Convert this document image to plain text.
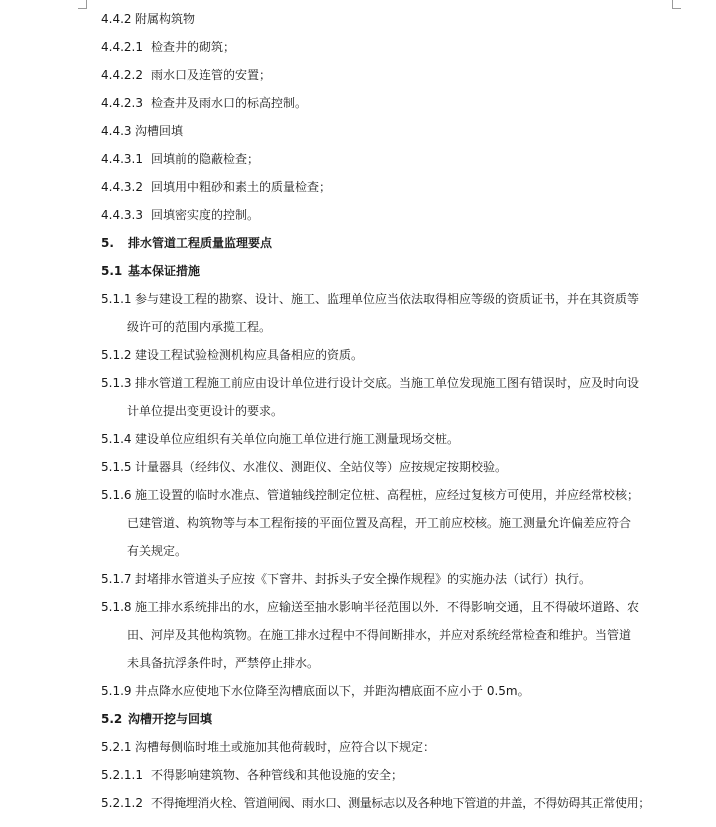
4.4.2 附属构筑物
4.4.2.1 检查井的砌筑；
4.4.2.2 雨水口及连管的安置；
4.4.2.3 检查井及雨水口的标高控制。
4.4.3 沟槽回填
4.4.3.1 回填前的隐蔽检查；
4.4.3.2 回填用中粗砂和素土的质量检查；
4.4.3.3 回填密实度的控制。
5. 排水管道工程质量监理要点
5.1 基本保证措施
5.1.1 参与建设工程的勘察、设计、施工、监理单位应当依法取得相应等级的资质证书，并在其资质等
级许可的范围内承揽工程。
5.1.2 建设工程试验检测机构应具备相应的资质。
5.1.3 排水管道工程施工前应由设计单位进行设计交底。当施工单位发现施工图有错误时，应及时向设
计单位提出变更设计的要求。
5.1.4 建设单位应组织有关单位向施工单位进行施工测量现场交桩。
5.1.5 计量器具（经纬仪、水准仪、测距仪、全站仪等）应按规定按期校验。
5.1.6 施工设置的临时水准点、管道轴线控制定位桩、高程桩，应经过复核方可使用，并应经常校核；
已建管道、构筑物等与本工程衔接的平面位置及高程，开工前应校核。施工测量允许偏差应符合
有关规定。
5.1.7 封堵排水管道头子应按《下窨井、封拆头子安全操作规程》的实施办法（试行）执行。
5.1.8 施工排水系统排出的水，应输送至抽水影响半径范围以外．不得影响交通，且不得破坏道路、农
田、河岸及其他构筑物。在施工排水过程中不得间断排水，并应对系统经常检查和维护。当管道
未具备抗浮条件时，严禁停止排水。
5.1.9 井点降水应使地下水位降至沟槽底面以下，并距沟槽底面不应小于 0.5m。
5.2 沟槽开挖与回填
5.2.1 沟槽每侧临时堆土或施加其他荷载时，应符合以下规定：
5.2.1.1 不得影响建筑物、各种管线和其他设施的安全；
5.2.1.2 不得掩埋消火栓、管道闸阀、雨水口、测量标志以及各种地下管道的井盖，不得妨碍其正常使用；
